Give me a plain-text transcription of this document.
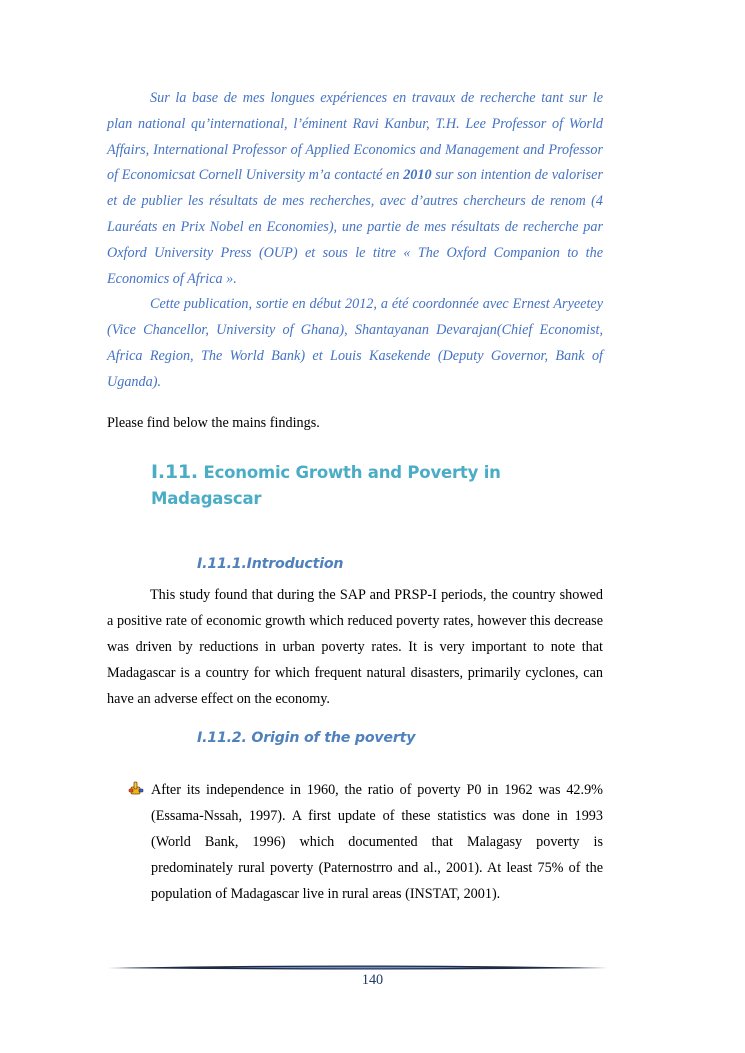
Sur la base de mes longues expériences en travaux de recherche tant sur le plan national qu’international, l’éminent Ravi Kanbur, T.H. Lee Professor of World Affairs, International Professor of Applied Economics and Management and Professor of Economicsat Cornell University m’a contacté en 2010 sur son intention de valoriser et de publier les résultats de mes recherches, avec d’autres chercheurs de renom (4 Lauréats en Prix Nobel en Economies), une partie de mes résultats de recherche par Oxford University Press (OUP) et sous le titre « The Oxford Companion to the Economics of Africa ».

Cette publication, sortie en début 2012, a été coordonnée avec Ernest Aryeetey (Vice Chancellor, University of Ghana), Shantayanan Devarajan(Chief Economist, Africa Region, The World Bank) et Louis Kasekende (Deputy Governor, Bank of Uganda).

Please find below the mains findings.

I.11. Economic Growth and Poverty in Madagascar
I.11.1.Introduction

This study found that during the SAP and PRSP-I periods, the country showed a positive rate of economic growth which reduced poverty rates, however this decrease was driven by reductions in urban poverty rates. It is very important to note that Madagascar is a country for which frequent natural disasters, primarily cyclones, can have an adverse effect on the economy.

I.11.2. Origin of the poverty

After its independence in 1960, the ratio of poverty P0 in 1962 was 42.9% (Essama-Nssah, 1997). A first update of these statistics was done in 1993 (World Bank, 1996) which documented that Malagasy poverty is predominately rural poverty (Paternostrro and al., 2001). At least 75% of the population of Madagascar live in rural areas (INSTAT, 2001).

140
